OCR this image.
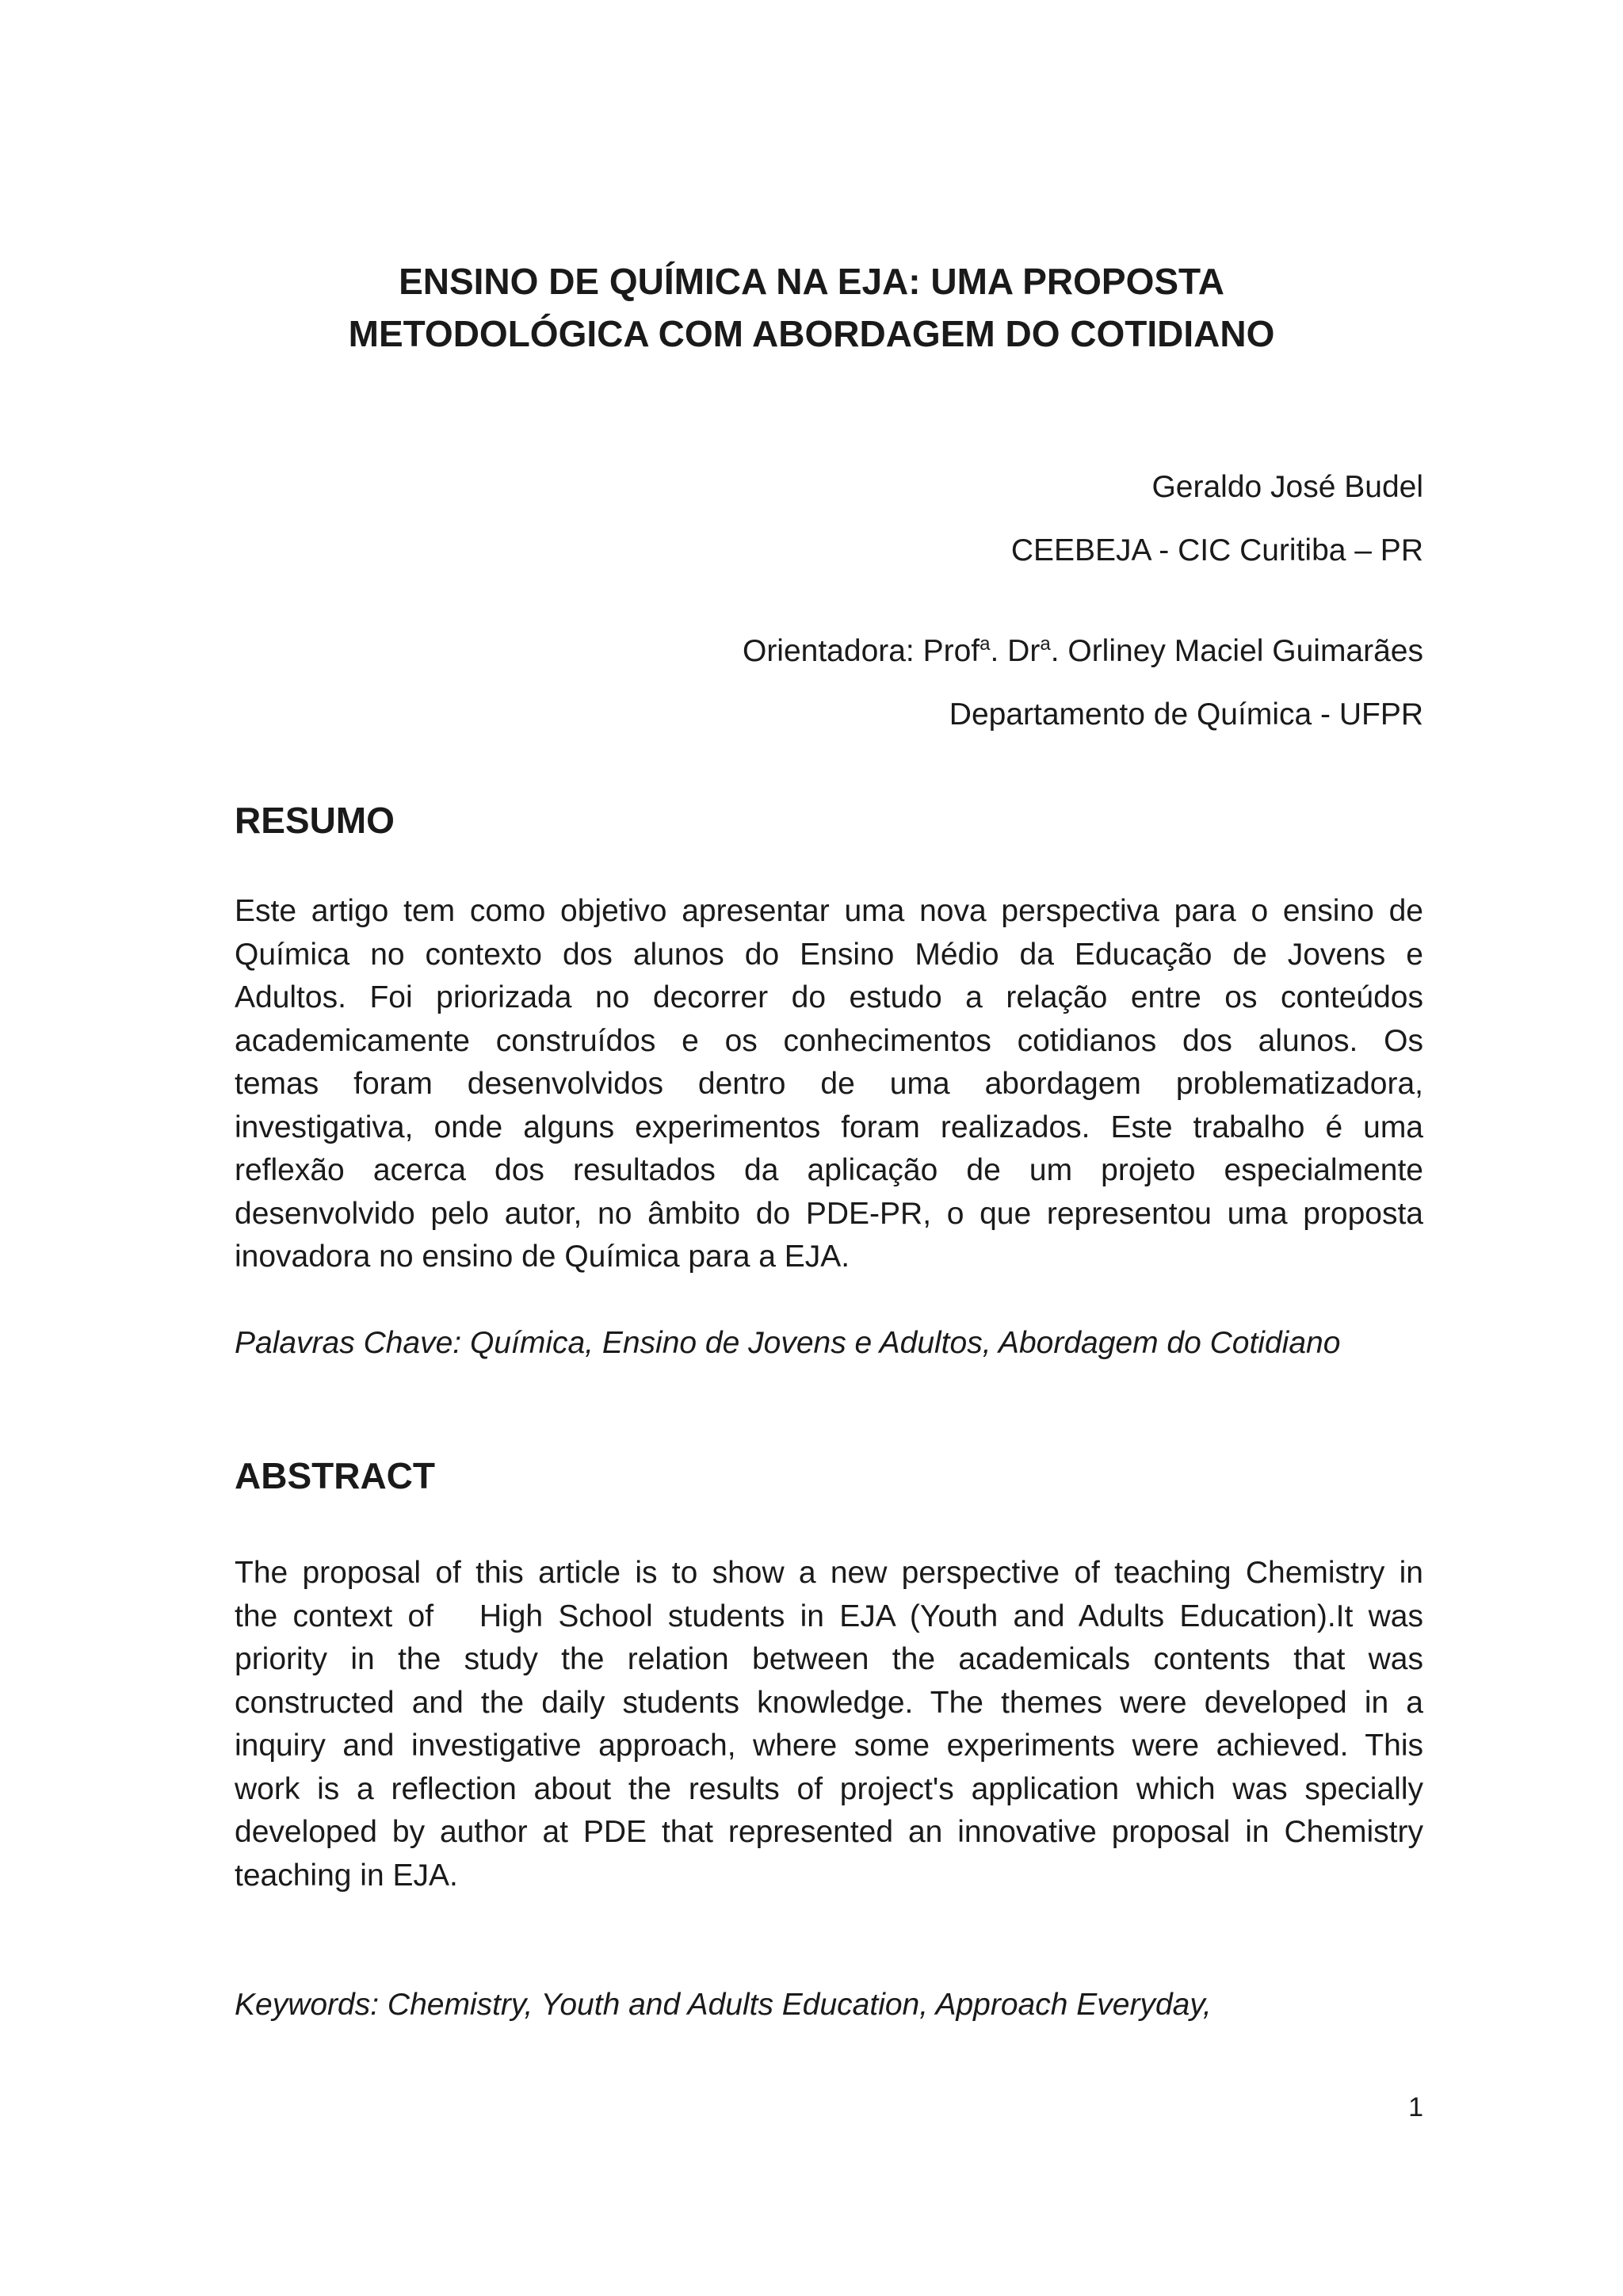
ENSINO DE QUÍMICA NA EJA: UMA PROPOSTA
METODOLÓGICA COM ABORDAGEM DO COTIDIANO

Geraldo José Budel

CEEBEJA - CIC Curitiba – PR

Orientadora: Prof$^a$. Dr$^a$. Orliney Maciel Guimarães

Departamento de Química - UFPR

RESUMO
Este artigo tem como objetivo apresentar uma nova perspectiva para o ensino de
Química no contexto dos alunos do Ensino Médio da Educação de Jovens e
Adultos. Foi priorizada no decorrer do estudo a relação entre os conteúdos
academicamente construídos e os conhecimentos cotidianos dos alunos. Os
temas foram desenvolvidos dentro de uma abordagem problematizadora,
investigativa, onde alguns experimentos foram realizados. Este trabalho é uma
reflexão acerca dos resultados da aplicação de um projeto especialmente
desenvolvido pelo autor, no âmbito do PDE-PR, o que representou uma proposta
inovadora no ensino de Química para a EJA.

Palavras Chave: Química, Ensino de Jovens e Adultos, Abordagem do Cotidiano

ABSTRACT
The proposal of this article is to show a new perspective of teaching Chemistry in
the context of   High School students in EJA (Youth and Adults Education).It was
priority in the study the relation between the academicals contents that was
constructed and the daily students knowledge. The themes were developed in a
inquiry and investigative approach, where some experiments were achieved. This
work is a reflection about the results of project's application which was specially
developed by author at PDE that represented an innovative proposal in Chemistry
teaching in EJA.

Keywords: Chemistry, Youth and Adults Education, Approach Everyday,

1
